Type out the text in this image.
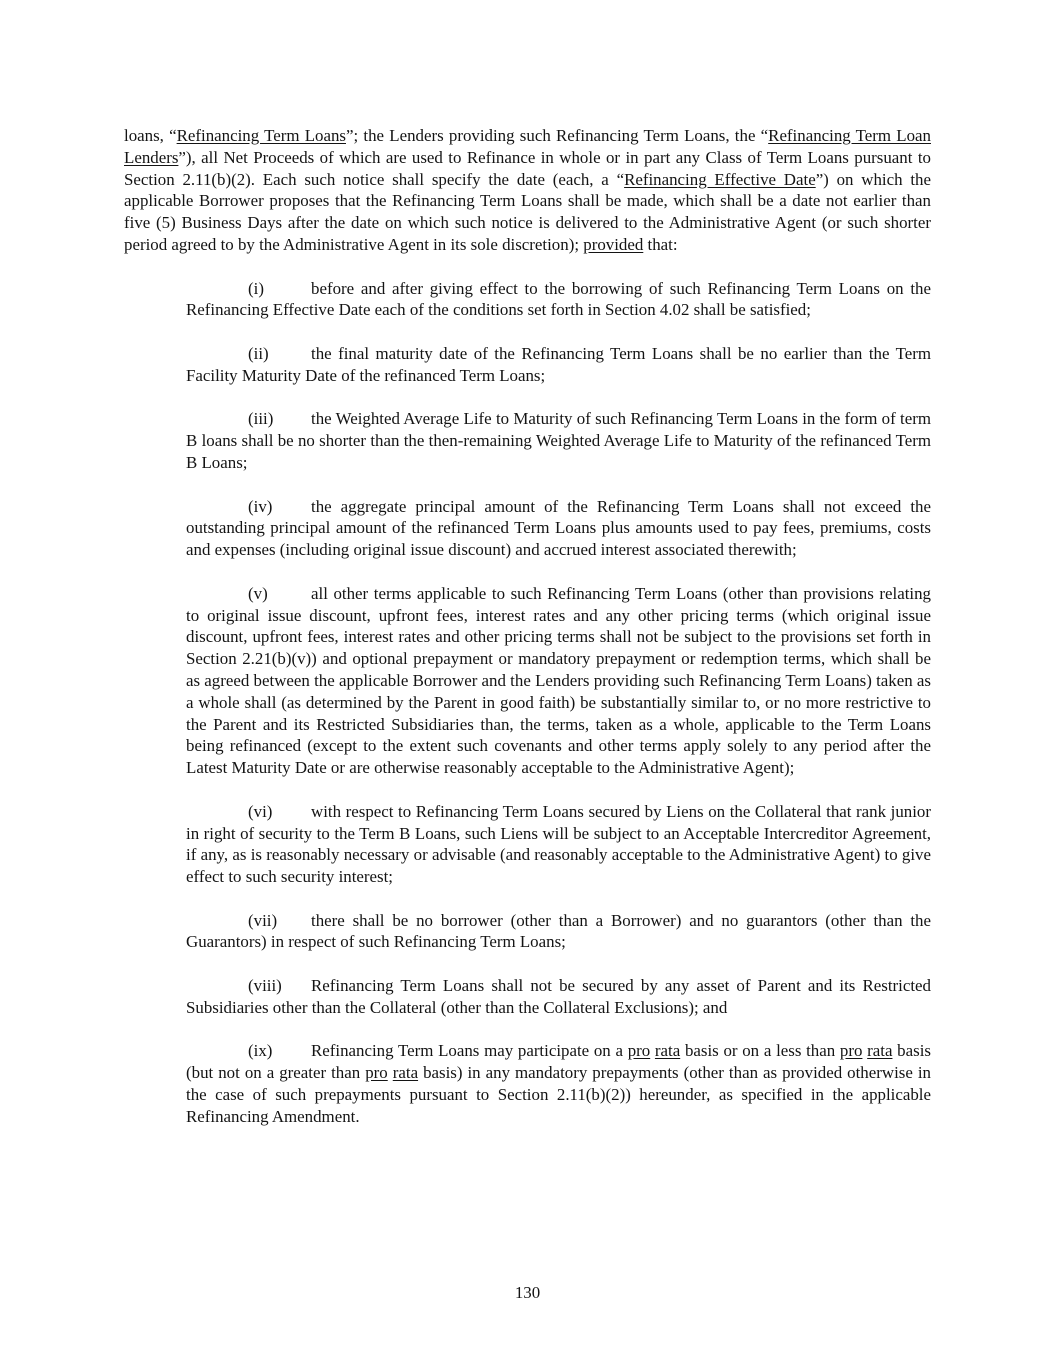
loans, “Refinancing Term Loans”; the Lenders providing such Refinancing Term Loans, the “Refinancing Term Loan Lenders”), all Net Proceeds of which are used to Refinance in whole or in part any Class of Term Loans pursuant to Section 2.11(b)(2). Each such notice shall specify the date (each, a “Refinancing Effective Date”) on which the applicable Borrower proposes that the Refinancing Term Loans shall be made, which shall be a date not earlier than five (5) Business Days after the date on which such notice is delivered to the Administrative Agent (or such shorter period agreed to by the Administrative Agent in its sole discretion); provided that:

(i)	before and after giving effect to the borrowing of such Refinancing Term Loans on the Refinancing Effective Date each of the conditions set forth in Section 4.02 shall be satisfied;

(ii)	the final maturity date of the Refinancing Term Loans shall be no earlier than the Term Facility Maturity Date of the refinanced Term Loans;

(iii) the Weighted Average Life to Maturity of such Refinancing Term Loans in the form of term B loans shall be no shorter than the then-remaining Weighted Average Life to Maturity of the refinanced Term B Loans;

(iv) the aggregate principal amount of the Refinancing Term Loans shall not exceed the outstanding principal amount of the refinanced Term Loans plus amounts used to pay fees, premiums, costs and expenses (including original issue discount) and accrued interest associated therewith;

(v)	all other terms applicable to such Refinancing Term Loans (other than provisions relating to original issue discount, upfront fees, interest rates and any other pricing terms (which original issue discount, upfront fees, interest rates and other pricing terms shall not be subject to the provisions set forth in Section 2.21(b)(v)) and optional prepayment or mandatory prepayment or redemption terms, which shall be as agreed between the applicable Borrower and the Lenders providing such Refinancing Term Loans) taken as a whole shall (as determined by the Parent in good faith) be substantially similar to, or no more restrictive to the Parent and its Restricted Subsidiaries than, the terms, taken as a whole, applicable to the Term Loans being refinanced (except to the extent such covenants and other terms apply solely to any period after the Latest Maturity Date or are otherwise reasonably acceptable to the Administrative Agent);

(vi) with respect to Refinancing Term Loans secured by Liens on the Collateral that rank junior in right of security to the Term B Loans, such Liens will be subject to an Acceptable Intercreditor Agreement, if any, as is reasonably necessary or advisable (and reasonably acceptable to the Administrative Agent) to give effect to such security interest;

(vii) there shall be no borrower (other than a Borrower) and no guarantors (other than the Guarantors) in respect of such Refinancing Term Loans;

(viii) Refinancing Term Loans shall not be secured by any asset of Parent and its Restricted Subsidiaries other than the Collateral (other than the Collateral Exclusions); and

(ix) Refinancing Term Loans may participate on a pro rata basis or on a less than pro rata basis (but not on a greater than pro rata basis) in any mandatory prepayments (other than as provided otherwise in the case of such prepayments pursuant to Section 2.11(b)(2)) hereunder, as specified in the applicable Refinancing Amendment.

130
